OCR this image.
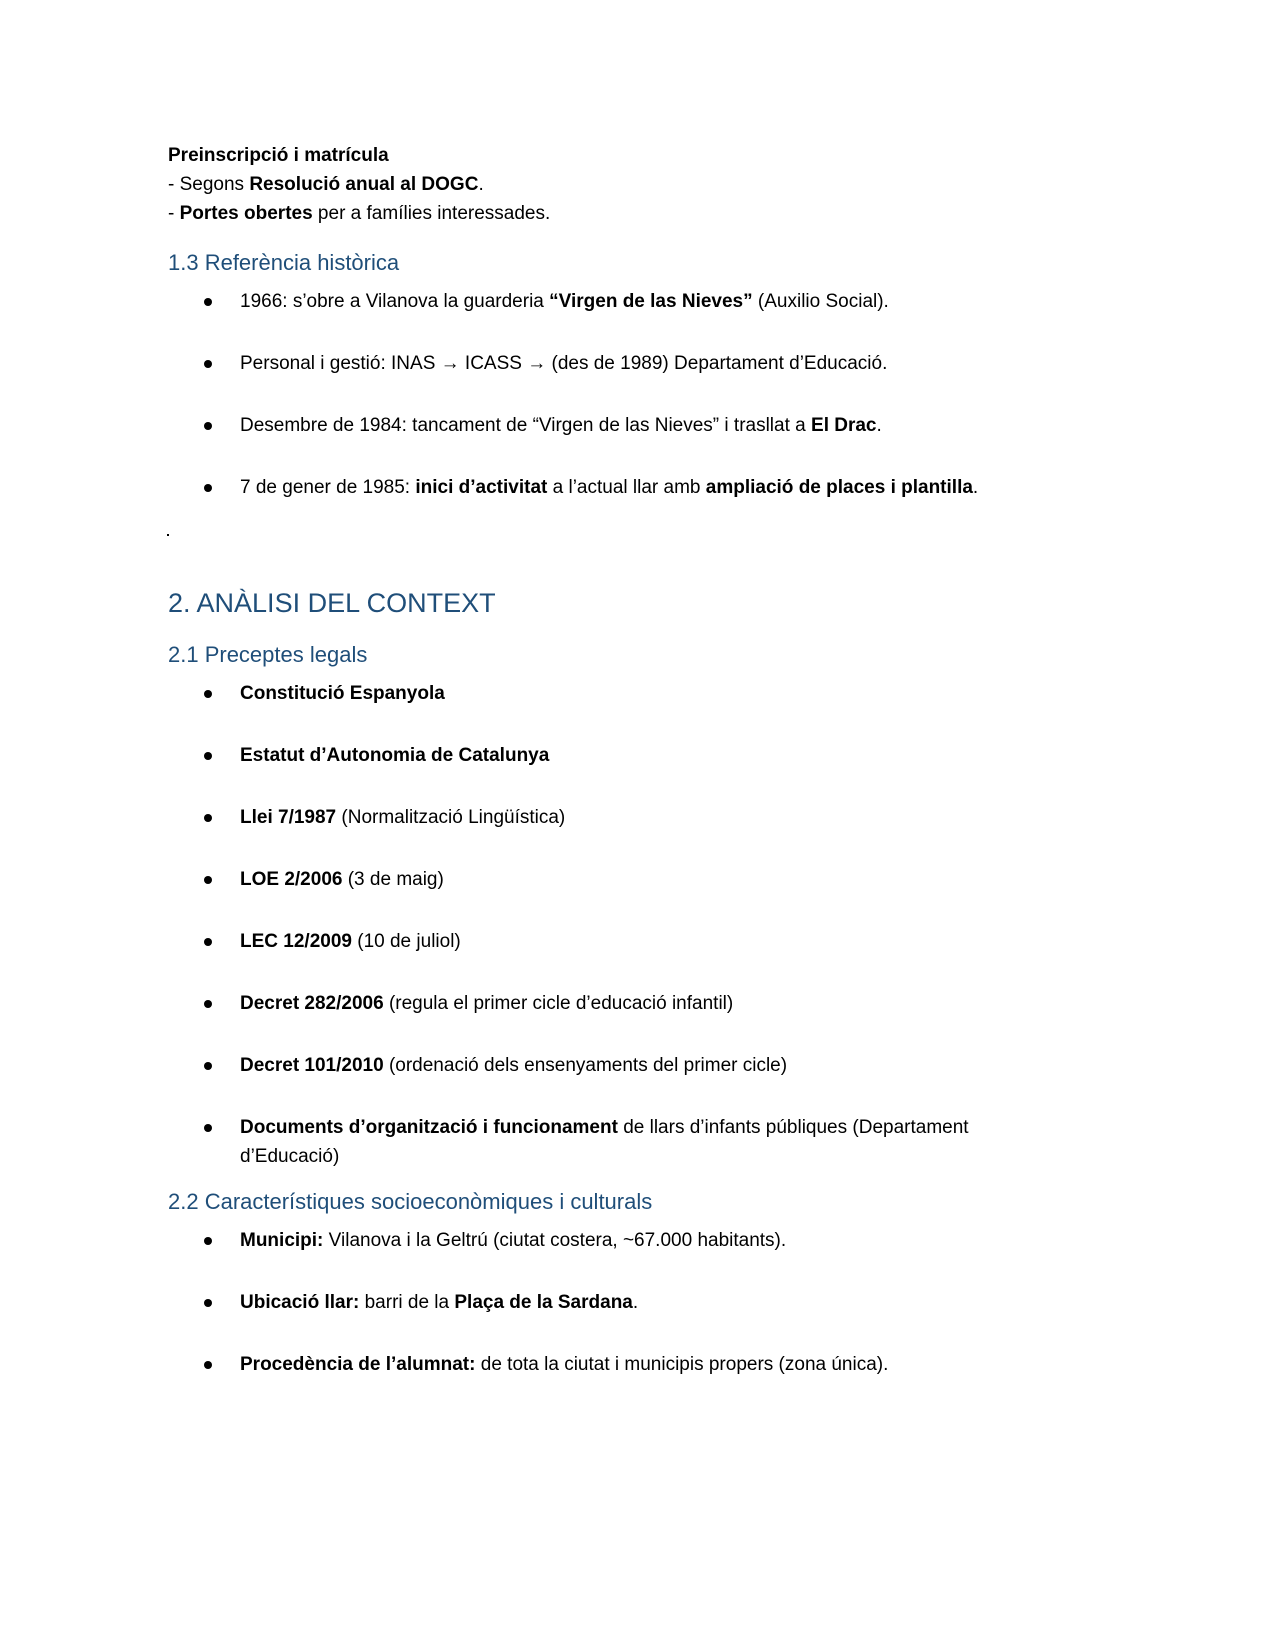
Preinscripció i matrícula
- Segons Resolució anual al DOGC.
- Portes obertes per a famílies interessades.
1.3 Referència històrica
1966: s’obre a Vilanova la guarderia “Virgen de las Nieves” (Auxilio Social).
Personal i gestió: INAS → ICASS → (des de 1989) Departament d’Educació.
Desembre de 1984: tancament de “Virgen de las Nieves” i trasllat a El Drac.
7 de gener de 1985: inici d’activitat a l’actual llar amb ampliació de places i plantilla.
2. ANÀLISI DEL CONTEXT
2.1 Preceptes legals
Constitució Espanyola
Estatut d’Autonomia de Catalunya
Llei 7/1987 (Normalització Lingüística)
LOE 2/2006 (3 de maig)
LEC 12/2009 (10 de juliol)
Decret 282/2006 (regula el primer cicle d’educació infantil)
Decret 101/2010 (ordenació dels ensenyaments del primer cicle)
Documents d’organització i funcionament de llars d’infants públiques (Departament d’Educació)
2.2 Característiques socioeconòmiques i culturals
Municipi: Vilanova i la Geltrú (ciutat costera, ~67.000 habitants).
Ubicació llar: barri de la Plaça de la Sardana.
Procedència de l’alumnat: de tota la ciutat i municipis propers (zona única).
